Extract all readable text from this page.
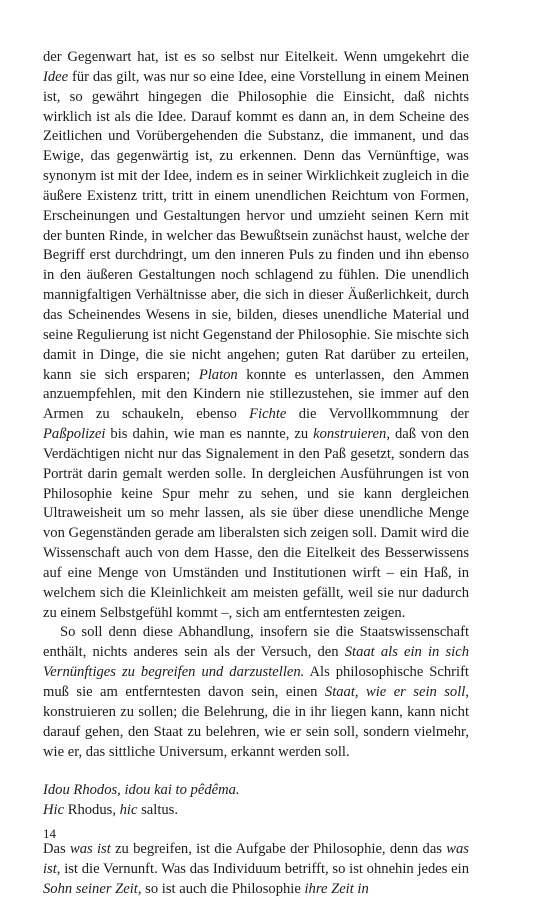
der Gegenwart hat, ist es so selbst nur Eitelkeit. Wenn umgekehrt die Idee für das gilt, was nur so eine Idee, eine Vorstellung in einem Meinen ist, so gewährt hingegen die Philosophie die Einsicht, daß nichts wirklich ist als die Idee. Darauf kommt es dann an, in dem Scheine des Zeitlichen und Vorübergehenden die Substanz, die immanent, und das Ewige, das gegenwärtig ist, zu erkennen. Denn das Vernünftige, was synonym ist mit der Idee, indem es in seiner Wirklichkeit zugleich in die äußere Existenz tritt, tritt in einem unendlichen Reichtum von Formen, Erscheinungen und Gestaltungen hervor und umzieht seinen Kern mit der bunten Rinde, in welcher das Bewußtsein zunächst haust, welche der Begriff erst durchdringt, um den inneren Puls zu finden und ihn ebenso in den äußeren Gestaltungen noch schlagend zu fühlen. Die unendlich mannigfaltigen Verhältnisse aber, die sich in dieser Äußerlichkeit, durch das Scheinendes Wesens in sie, bilden, dieses unendliche Material und seine Regulierung ist nicht Gegenstand der Philosophie. Sie mischte sich damit in Dinge, die sie nicht angehen; guten Rat darüber zu erteilen, kann sie sich ersparen; Platon konnte es unterlassen, den Ammen anzuempfehlen, mit den Kindern nie stillezustehen, sie immer auf den Armen zu schaukeln, ebenso Fichte die Vervollkommnung der Paßpolizei bis dahin, wie man es nannte, zu konstruieren, daß von den Verdächtigen nicht nur das Signalement in den Paß gesetzt, sondern das Porträt darin gemalt werden solle. In dergleichen Ausführungen ist von Philosophie keine Spur mehr zu sehen, und sie kann dergleichen Ultraweisheit um so mehr lassen, als sie über diese unendliche Menge von Gegenständen gerade am liberalsten sich zeigen soll. Damit wird die Wissenschaft auch von dem Hasse, den die Eitelkeit des Besserwissens auf eine Menge von Umständen und Institutionen wirft – ein Haß, in welchem sich die Kleinlichkeit am meisten gefällt, weil sie nur dadurch zu einem Selbstgefühl kommt –, sich am entferntesten zeigen.

So soll denn diese Abhandlung, insofern sie die Staatswissenschaft enthält, nichts anderes sein als der Versuch, den Staat als ein in sich Vernünftiges zu begreifen und darzustellen. Als philosophische Schrift muß sie am entferntesten davon sein, einen Staat, wie er sein soll, konstruieren zu sollen; die Belehrung, die in ihr liegen kann, kann nicht darauf gehen, den Staat zu belehren, wie er sein soll, sondern vielmehr, wie er, das sittliche Universum, erkannt werden soll.

Idou Rhodos, idou kai to pêdêma.

Hic Rhodus, hic saltus.

Das was ist zu begreifen, ist die Aufgabe der Philosophie, denn das was ist, ist die Vernunft. Was das Individuum betrifft, so ist ohnehin jedes ein Sohn seiner Zeit, so ist auch die Philosophie ihre Zeit in

14
